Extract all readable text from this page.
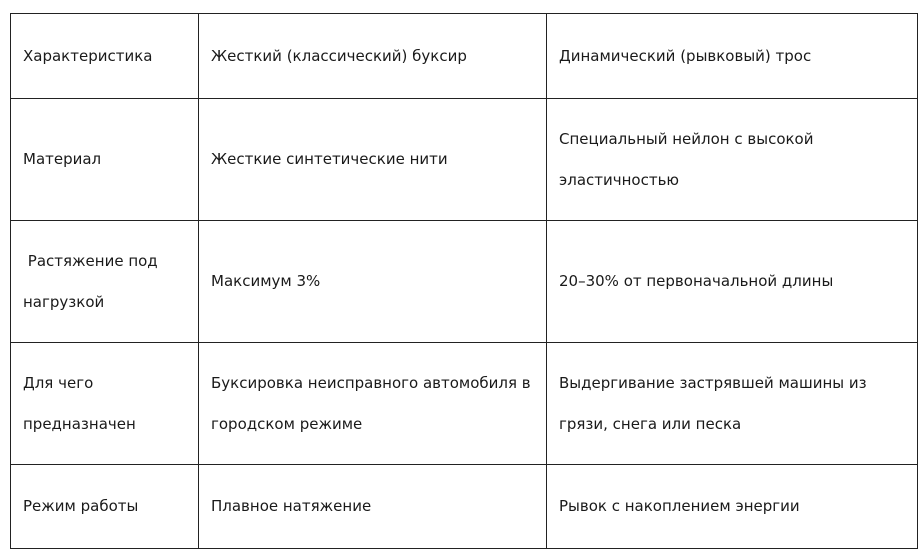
Характеристика	Жесткий (классический) буксир	Динамический (рывковый) трос
Материал	Жесткие синтетические нити	Специальный нейлон с высокой эластичностью
Растяжение под нагрузкой	Максимум 3%	20–30% от первоначальной длины
Для чего предназначен	Буксировка неисправного автомобиля в городском режиме	Выдергивание застрявшей машины из грязи, снега или песка
Режим работы	Плавное натяжение	Рывок с накоплением энергии
